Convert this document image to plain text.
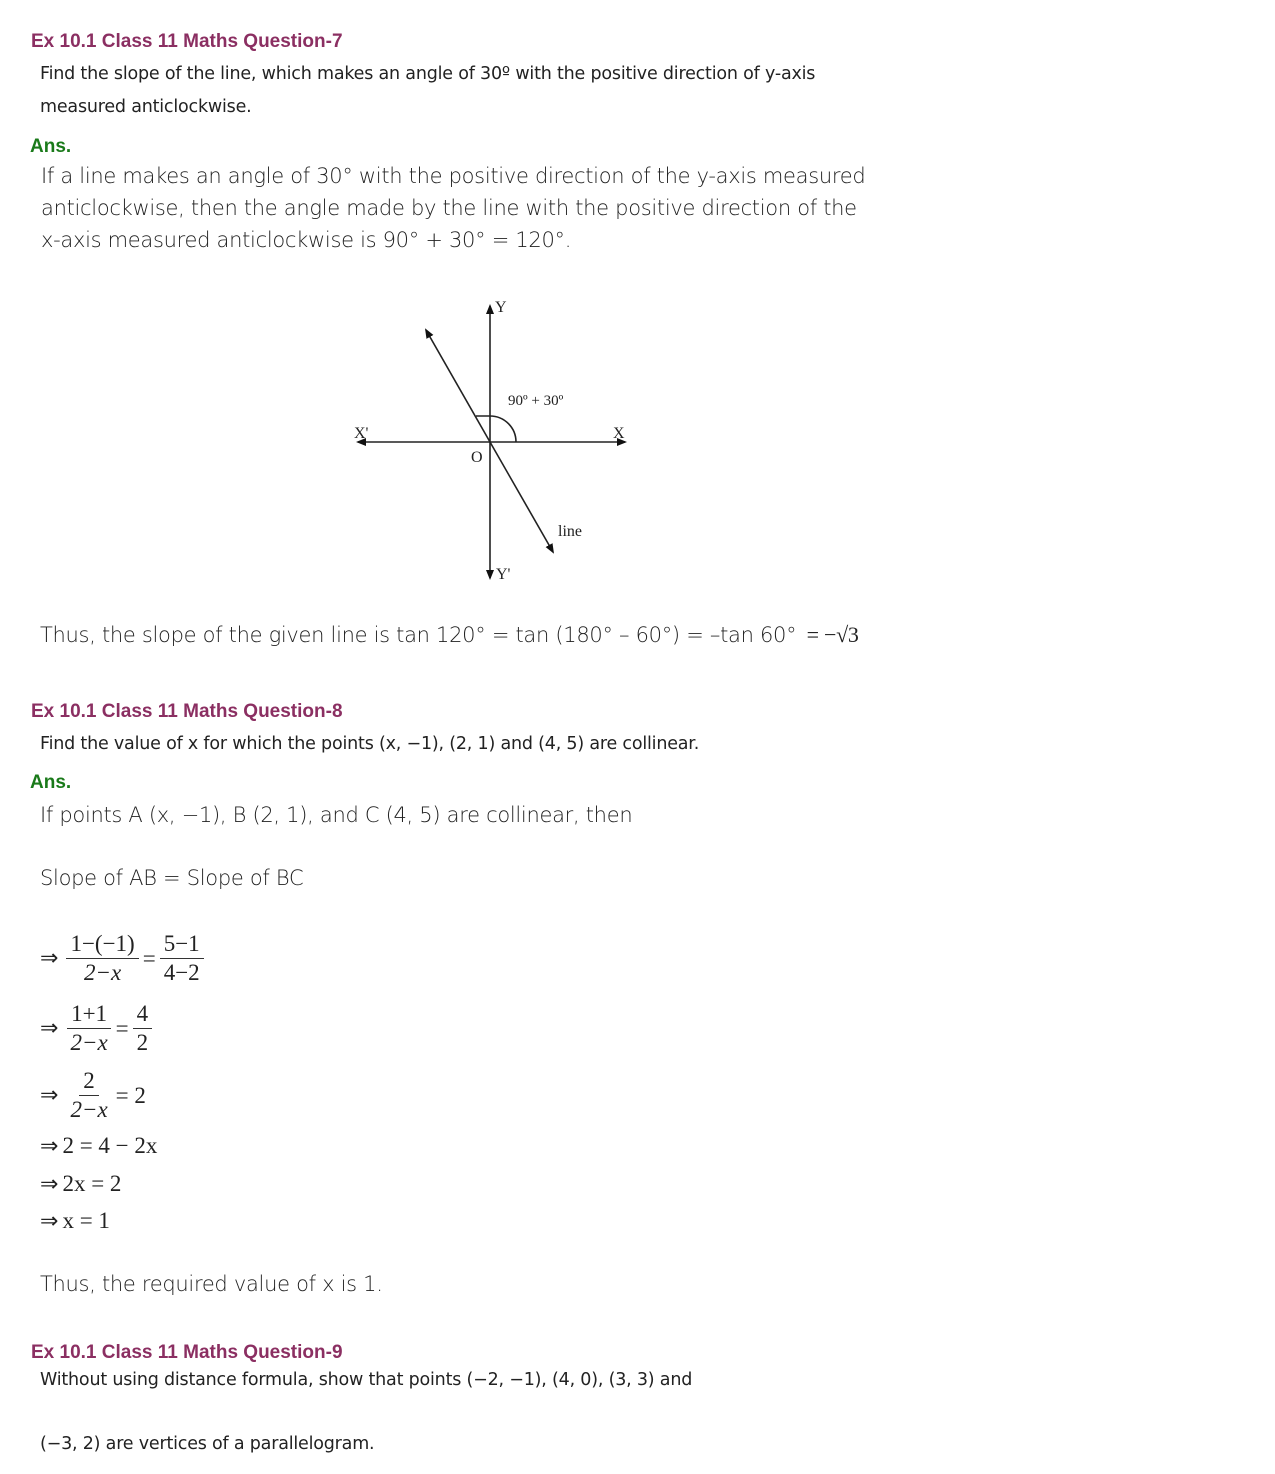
Ex 10.1 Class 11 Maths Question-7
Find the slope of the line, which makes an angle of 30º with the positive direction of y-axis
measured anticlockwise.
Ans.
If a line makes an angle of 30° with the positive direction of the y-axis measured
anticlockwise, then the angle made by the line with the positive direction of the
x-axis measured anticlockwise is 90° + 30° = 120°.
Y
Y'
X
X'
O
90º + 30º
line
Thus, the slope of the given line is tan 120° = tan (180° – 60°) = –tan 60° = −√3
Ex 10.1 Class 11 Maths Question-8
Find the value of x for which the points (x, −1), (2, 1) and (4, 5) are collinear.
Ans.
If points A (x, −1), B (2, 1), and C (4, 5) are collinear, then
Slope of AB = Slope of BC
⇒ $\frac{1-(-1)}{2-x} = \frac{5-1}{4-2}$
⇒ $\frac{1+1}{2-x} = \frac{4}{2}$
⇒ $\frac{2}{2-x} = 2$
⇒ 2 = 4 − 2x
⇒ 2x = 2
⇒ x = 1
Thus, the required value of x is 1.
Ex 10.1 Class 11 Maths Question-9
Without using distance formula, show that points (−2, −1), (4, 0), (3, 3) and
(−3, 2) are vertices of a parallelogram.
